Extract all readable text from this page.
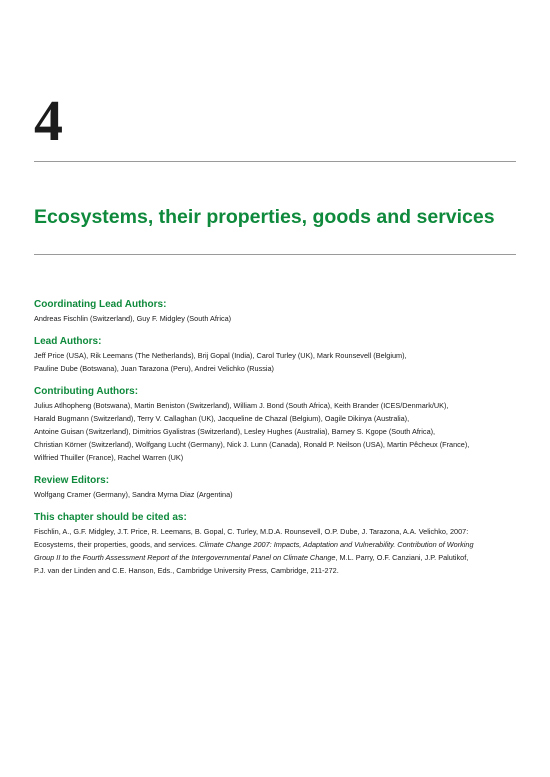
4
Ecosystems, their properties, goods and services
Coordinating Lead Authors:

Andreas Fischlin (Switzerland), Guy F. Midgley (South Africa)

Lead Authors:

Jeff Price (USA), Rik Leemans (The Netherlands), Brij Gopal (India), Carol Turley (UK), Mark Rounsevell (Belgium),
Pauline Dube (Botswana), Juan Tarazona (Peru), Andrei Velichko (Russia)

Contributing Authors:

Julius Atlhopheng (Botswana), Martin Beniston (Switzerland), William J. Bond (South Africa), Keith Brander (ICES/Denmark/UK),
Harald Bugmann (Switzerland), Terry V. Callaghan (UK), Jacqueline de Chazal (Belgium), Oagile Dikinya (Australia),
Antoine Guisan (Switzerland), Dimitrios Gyalistras (Switzerland), Lesley Hughes (Australia), Barney S. Kgope (South Africa),
Christian Körner (Switzerland), Wolfgang Lucht (Germany), Nick J. Lunn (Canada), Ronald P. Neilson (USA), Martin Pêcheux (France),
Wilfried Thuiller (France), Rachel Warren (UK)

Review Editors:

Wolfgang Cramer (Germany), Sandra Myrna Diaz (Argentina)

This chapter should be cited as:

Fischlin, A., G.F. Midgley, J.T. Price, R. Leemans, B. Gopal, C. Turley, M.D.A. Rounsevell, O.P. Dube, J. Tarazona, A.A. Velichko, 2007:
Ecosystems, their properties, goods, and services. Climate Change 2007: Impacts, Adaptation and Vulnerability. Contribution of Working
Group II to the Fourth Assessment Report of the Intergovernmental Panel on Climate Change, M.L. Parry, O.F. Canziani, J.P. Palutikof,
P.J. van der Linden and C.E. Hanson, Eds., Cambridge University Press, Cambridge, 211-272.
